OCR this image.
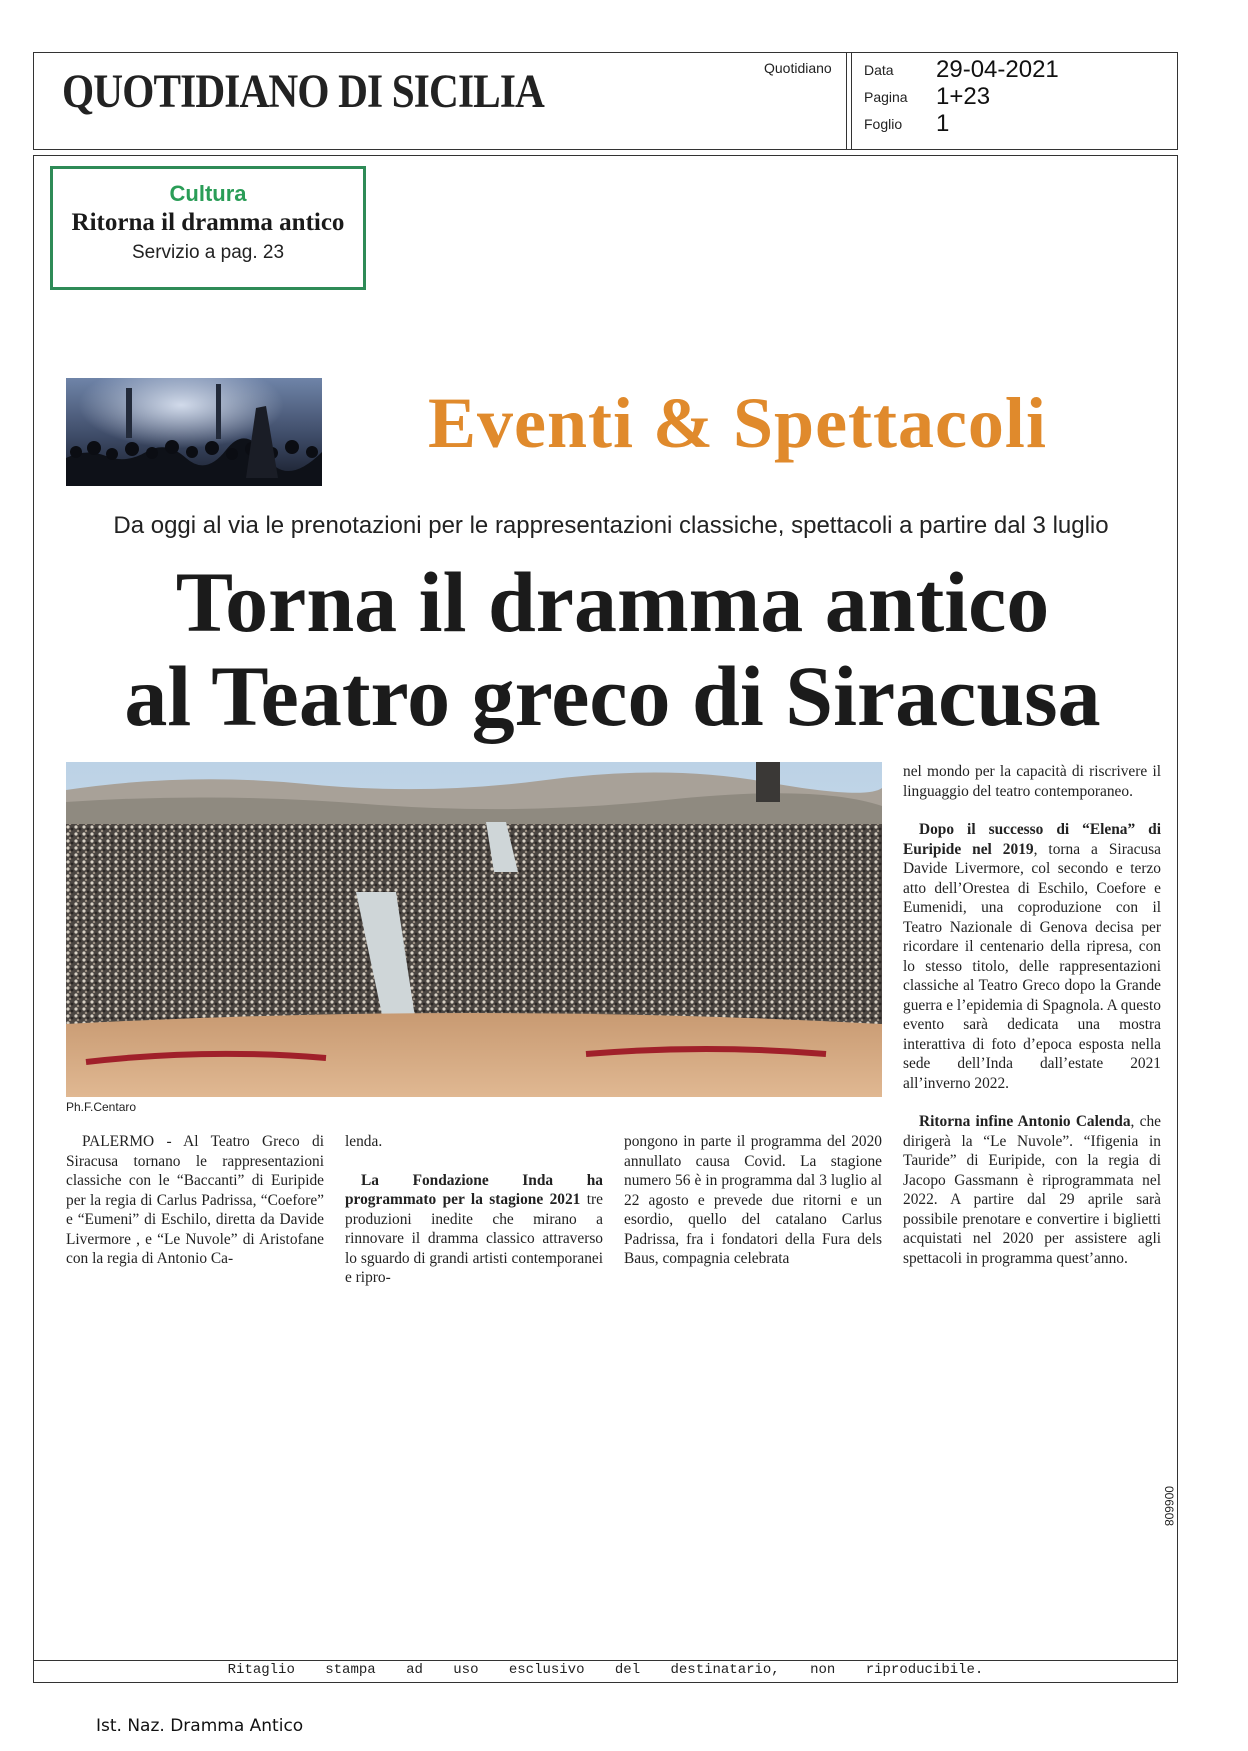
QUOTIDIANO DI SICILIA	Quotidiano Data 29-04-2021
Pagina 1+23
Foglio 1
Cultura
Ritorna il dramma antico
Servizio a pag. 23
Eventi & Spettacoli
Da oggi al via le prenotazioni per le rappresentazioni classiche, spettacoli a partire dal 3 luglio
Torna il dramma antico
al Teatro greco di Siracusa
Ph.F.Centaro

PALERMO - Al Teatro Greco di Siracusa tornano le rappresentazioni classiche con le “Baccanti” di Euripide per la regia di Carlus Padrissa, “Coefore” e “Eumeni” di Eschilo, diretta da Davide Livermore , e “Le Nuvole” di Aristofane con la regia di Antonio Ca-

lenda.

La Fondazione Inda ha programmato per la stagione 2021 tre produzioni inedite che mirano a rinnovare il dramma classico attraverso lo sguardo di grandi artisti contemporanei e ripro-

pongono in parte il programma del 2020 annullato causa Covid. La stagione numero 56 è in programma dal 3 luglio al 22 agosto e prevede due ritorni e un esordio, quello del catalano Carlus Padrissa, fra i fondatori della Fura dels Baus, compagnia celebrata

nel mondo per la capacità di riscrivere il linguaggio del teatro contemporaneo.

Dopo il successo di “Elena” di Euripide nel 2019, torna a Siracusa Davide Livermore, col secondo e terzo atto dell’Orestea di Eschilo, Coefore e Eumenidi, una coproduzione con il Teatro Nazionale di Genova decisa per ricordare il centenario della ripresa, con lo stesso titolo, delle rappresentazioni classiche al Teatro Greco dopo la Grande guerra e l’epidemia di Spagnola. A questo evento sarà dedicata una mostra interattiva di foto d’epoca esposta nella sede dell’Inda dall’estate 2021 all’inverno 2022.

Ritorna infine Antonio Calenda, che dirigerà la “Le Nuvole”. “Ifigenia in Tauride” di Euripide, con la regia di Jacopo Gassmann è riprogrammata nel 2022. A partire dal 29 aprile sarà possibile prenotare e convertire i biglietti acquistati nel 2020 per assistere agli spettacoli in programma quest’anno.

006608
Ritaglio stampa ad uso esclusivo del destinatario, non riproducibile.
Ist. Naz. Dramma Antico
